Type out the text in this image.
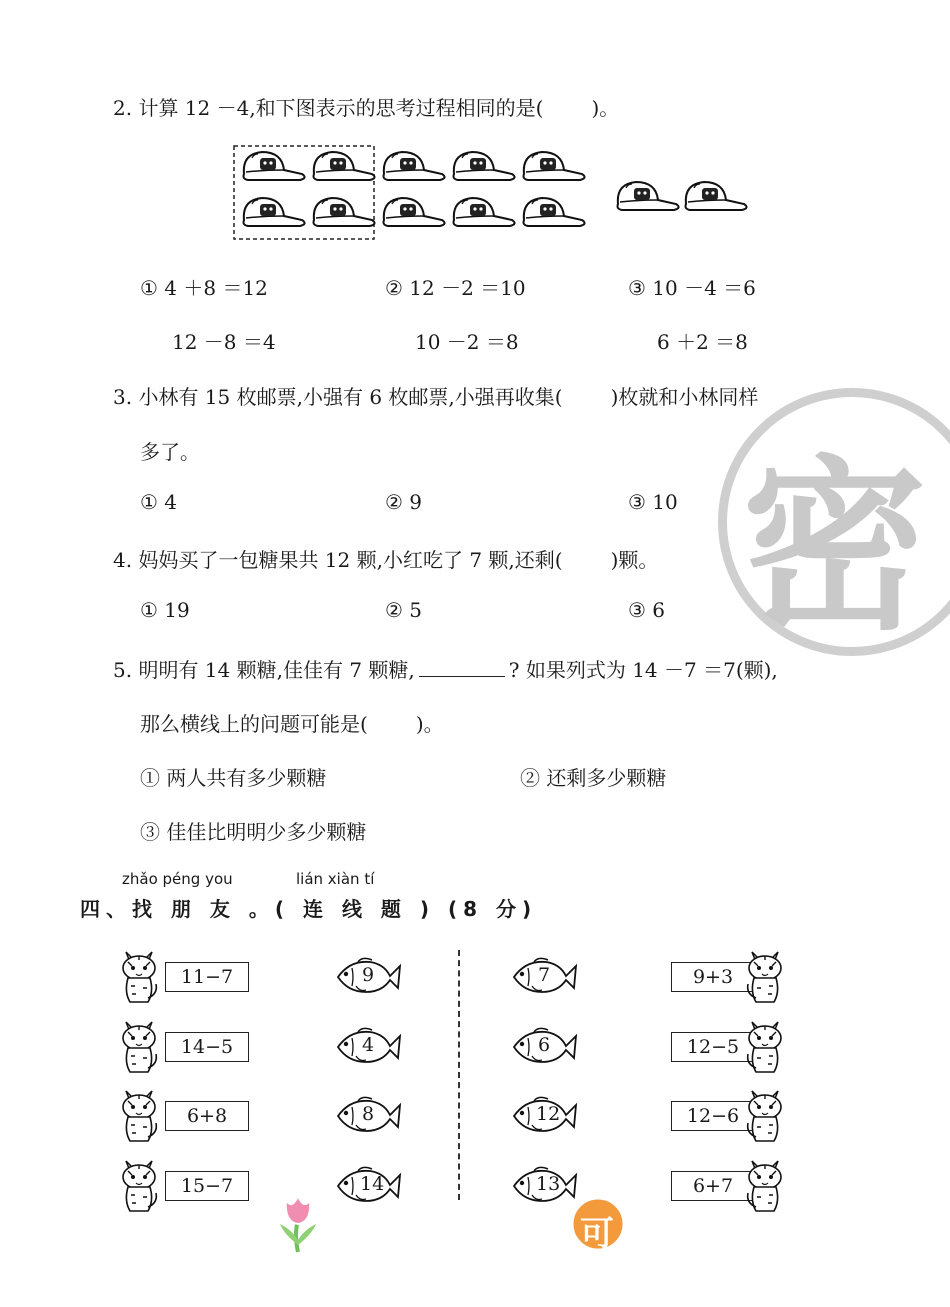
密
2. 计算 12 －4,和下图表示的思考过程相同的是( )。
① 4 ＋8 ＝12	② 12 －2 ＝10	③ 10 －4 ＝6
12 －8 ＝4	10 －2 ＝8	6 ＋2 ＝8
3. 小林有 15 枚邮票,小强有 6 枚邮票,小强再收集( )枚就和小林同样
多了。
① 4	② 9	③ 10
4. 妈妈买了一包糖果共 12 颗,小红吃了 7 颗,还剩( )颗。
① 19	② 5	③ 6
5. 明明有 14 颗糖,佳佳有 7 颗糖,	? 如果列式为 14 －7 ＝7(颗),
那么横线上的问题可能是( )。
① 两人共有多少颗糖	② 还剩多少颗糖
③ 佳佳比明明少多少颗糖
zhǎo péng you	lián xiàn tí
四、找 朋 友 。( 连 线 题 ) (8 分)
11−7	9	7	9+3
14−5	4	6	12−5
6+8	8	12	12−6
15−7	14	13	6+7
电子版	可 打印
